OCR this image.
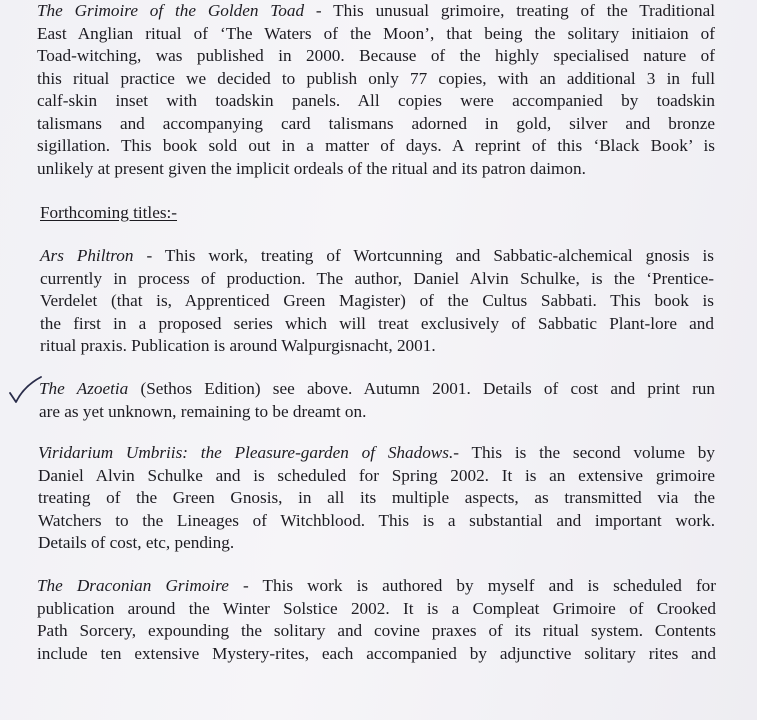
The Grimoire of the Golden Toad - This unusual grimoire, treating of the Traditional
East Anglian ritual of ‘The Waters of the Moon’, that being the solitary initiaion of
Toad-witching, was published in 2000. Because of the highly specialised nature of
this ritual practice we decided to publish only 77 copies, with an additional 3 in full
calf-skin inset with toadskin panels. All copies were accompanied by toadskin
talismans and accompanying card talismans adorned in gold, silver and bronze
sigillation. This book sold out in a matter of days. A reprint of this ‘Black Book’ is
unlikely at present given the implicit ordeals of the ritual and its patron daimon.
Forthcoming titles:-
Ars Philtron - This work, treating of Wortcunning and Sabbatic-alchemical gnosis is
currently in process of production. The author, Daniel Alvin Schulke, is the ‘Prentice-
Verdelet (that is, Apprenticed Green Magister) of the Cultus Sabbati. This book is
the first in a proposed series which will treat exclusively of Sabbatic Plant-lore and
ritual praxis. Publication is around Walpurgisnacht, 2001.
The Azoetia (Sethos Edition) see above. Autumn 2001. Details of cost and print run
are as yet unknown, remaining to be dreamt on.
Viridarium Umbriis: the Pleasure-garden of Shadows.- This is the second volume by
Daniel Alvin Schulke and is scheduled for Spring 2002. It is an extensive grimoire
treating of the Green Gnosis, in all its multiple aspects, as transmitted via the
Watchers to the Lineages of Witchblood. This is a substantial and important work.
Details of cost, etc, pending.
The Draconian Grimoire - This work is authored by myself and is scheduled for
publication around the Winter Solstice 2002. It is a Compleat Grimoire of Crooked
Path Sorcery, expounding the solitary and covine praxes of its ritual system. Contents
include ten extensive Mystery-rites, each accompanied by adjunctive solitary rites and
